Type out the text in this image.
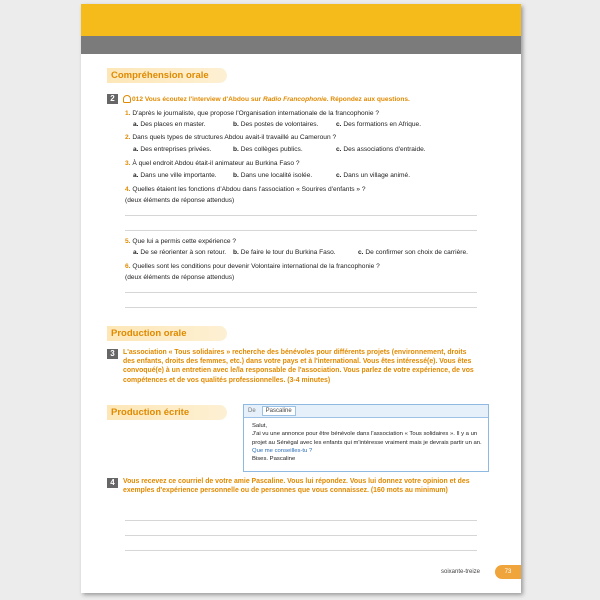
Compréhension orale
2	012 Vous écoutez l'interview d'Abdou sur Radio Francophonie. Répondez aux questions.
1. D'après le journaliste, que propose l'Organisation internationale de la francophonie ?
a. Des places en master.	b. Des postes de volontaires.	c. Des formations en Afrique.
2. Dans quels types de structures Abdou avait-il travaillé au Cameroun ?
a. Des entreprises privées.	b. Des collèges publics.	c. Des associations d'entraide.
3. À quel endroit Abdou était-il animateur au Burkina Faso ?
a. Dans une ville importante. b. Dans une localité isolée.	c. Dans un village animé.
4. Quelles étaient les fonctions d'Abdou dans l'association « Sourires d'enfants » ?
(deux éléments de réponse attendus)
5. Que lui a permis cette expérience ?
a. De se réorienter à son retour. b. De faire le tour du Burkina Faso.	c. De confirmer son choix de carrière.
6. Quelles sont les conditions pour devenir Volontaire international de la francophonie ?
(deux éléments de réponse attendus)
Production orale
3	L'association « Tous solidaires » recherche des bénévoles pour différents projets (environnement, droits des enfants, droits des femmes, etc.) dans votre pays et à l'international. Vous êtes intéressé(e). Vous êtes convoqué(e) à un entretien avec le/la responsable de l'association. Vous parlez de votre expérience, de vos compétences et de vos qualités professionnelles. (3-4 minutes)
Production écrite	De Pascaline
Salut,
J'ai vu une annonce pour être bénévole dans l'association « Tous solidaires ». Il y a un projet au Sénégal avec les enfants qui m'intéresse vraiment mais je devrais partir un an. Que me conseilles-tu ?
Bises. Pascaline
4	Vous recevez ce courriel de votre amie Pascaline. Vous lui répondez. Vous lui donnez votre opinion et des exemples d'expérience personnelle ou de personnes que vous connaissez. (160 mots au minimum)
soixante-treize	73
